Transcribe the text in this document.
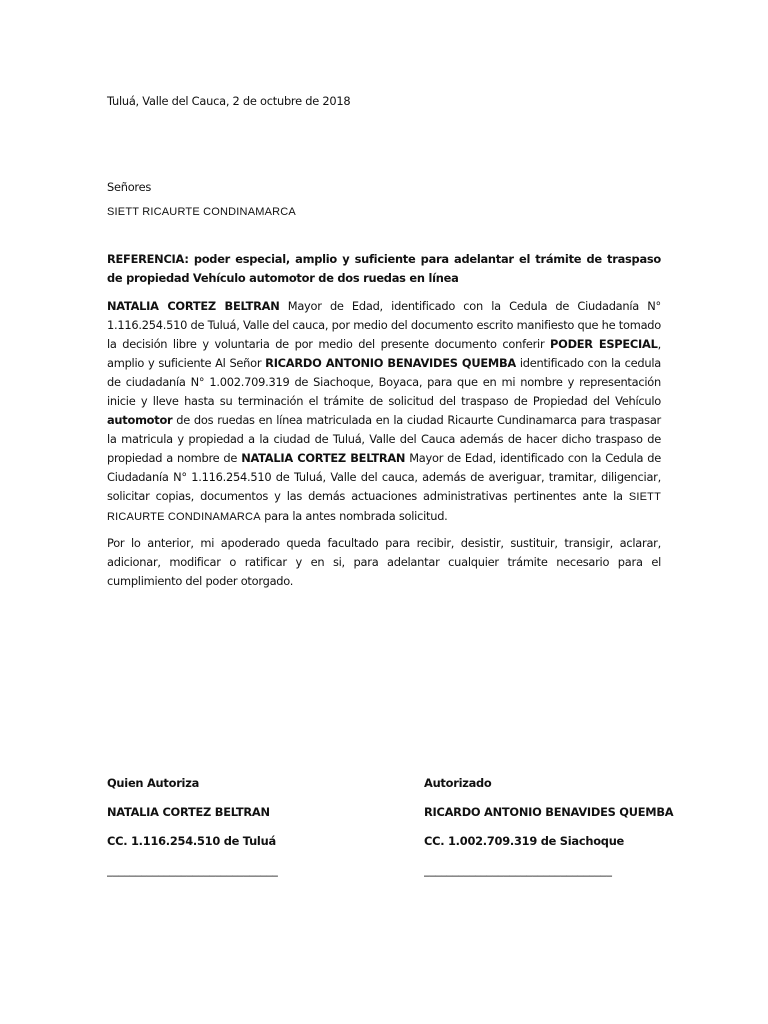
Tuluá, Valle del Cauca, 2 de octubre de 2018

Señores

SIETT RICAURTE CONDINAMARCA

REFERENCIA: poder especial, amplio y suficiente para adelantar el trámite de traspaso de propiedad Vehículo automotor de dos ruedas en línea

NATALIA CORTEZ BELTRAN Mayor de Edad, identificado con la Cedula de Ciudadanía N° 1.116.254.510 de Tuluá, Valle del cauca, por medio del documento escrito manifiesto que he tomado la decisión libre y voluntaria de por medio del presente documento conferir PODER ESPECIAL, amplio y suficiente Al Señor RICARDO ANTONIO BENAVIDES QUEMBA identificado con la cedula de ciudadanía N° 1.002.709.319 de Siachoque, Boyaca, para que en mi nombre y representación inicie y lleve hasta su terminación el trámite de solicitud del traspaso de Propiedad del Vehículo automotor de dos ruedas en línea matriculada en la ciudad Ricaurte Cundinamarca para traspasar la matricula y propiedad a la ciudad de Tuluá, Valle del Cauca además de hacer dicho traspaso de propiedad a nombre de NATALIA CORTEZ BELTRAN Mayor de Edad, identificado con la Cedula de Ciudadanía N° 1.116.254.510 de Tuluá, Valle del cauca, además de averiguar, tramitar, diligenciar, solicitar copias, documentos y las demás actuaciones administrativas pertinentes ante la SIETT RICAURTE CONDINAMARCA para la antes nombrada solicitud.

Por lo anterior, mi apoderado queda facultado para recibir, desistir, sustituir, transigir, aclarar, adicionar, modificar o ratificar y en si, para adelantar cualquier trámite necesario para el cumplimiento del poder otorgado.

Quien Autoriza
NATALIA CORTEZ BELTRAN
CC. 1.116.254.510 de Tuluá
______________________________
Autorizado
RICARDO ANTONIO BENAVIDES QUEMBA
CC. 1.002.709.319 de Siachoque
_________________________________
